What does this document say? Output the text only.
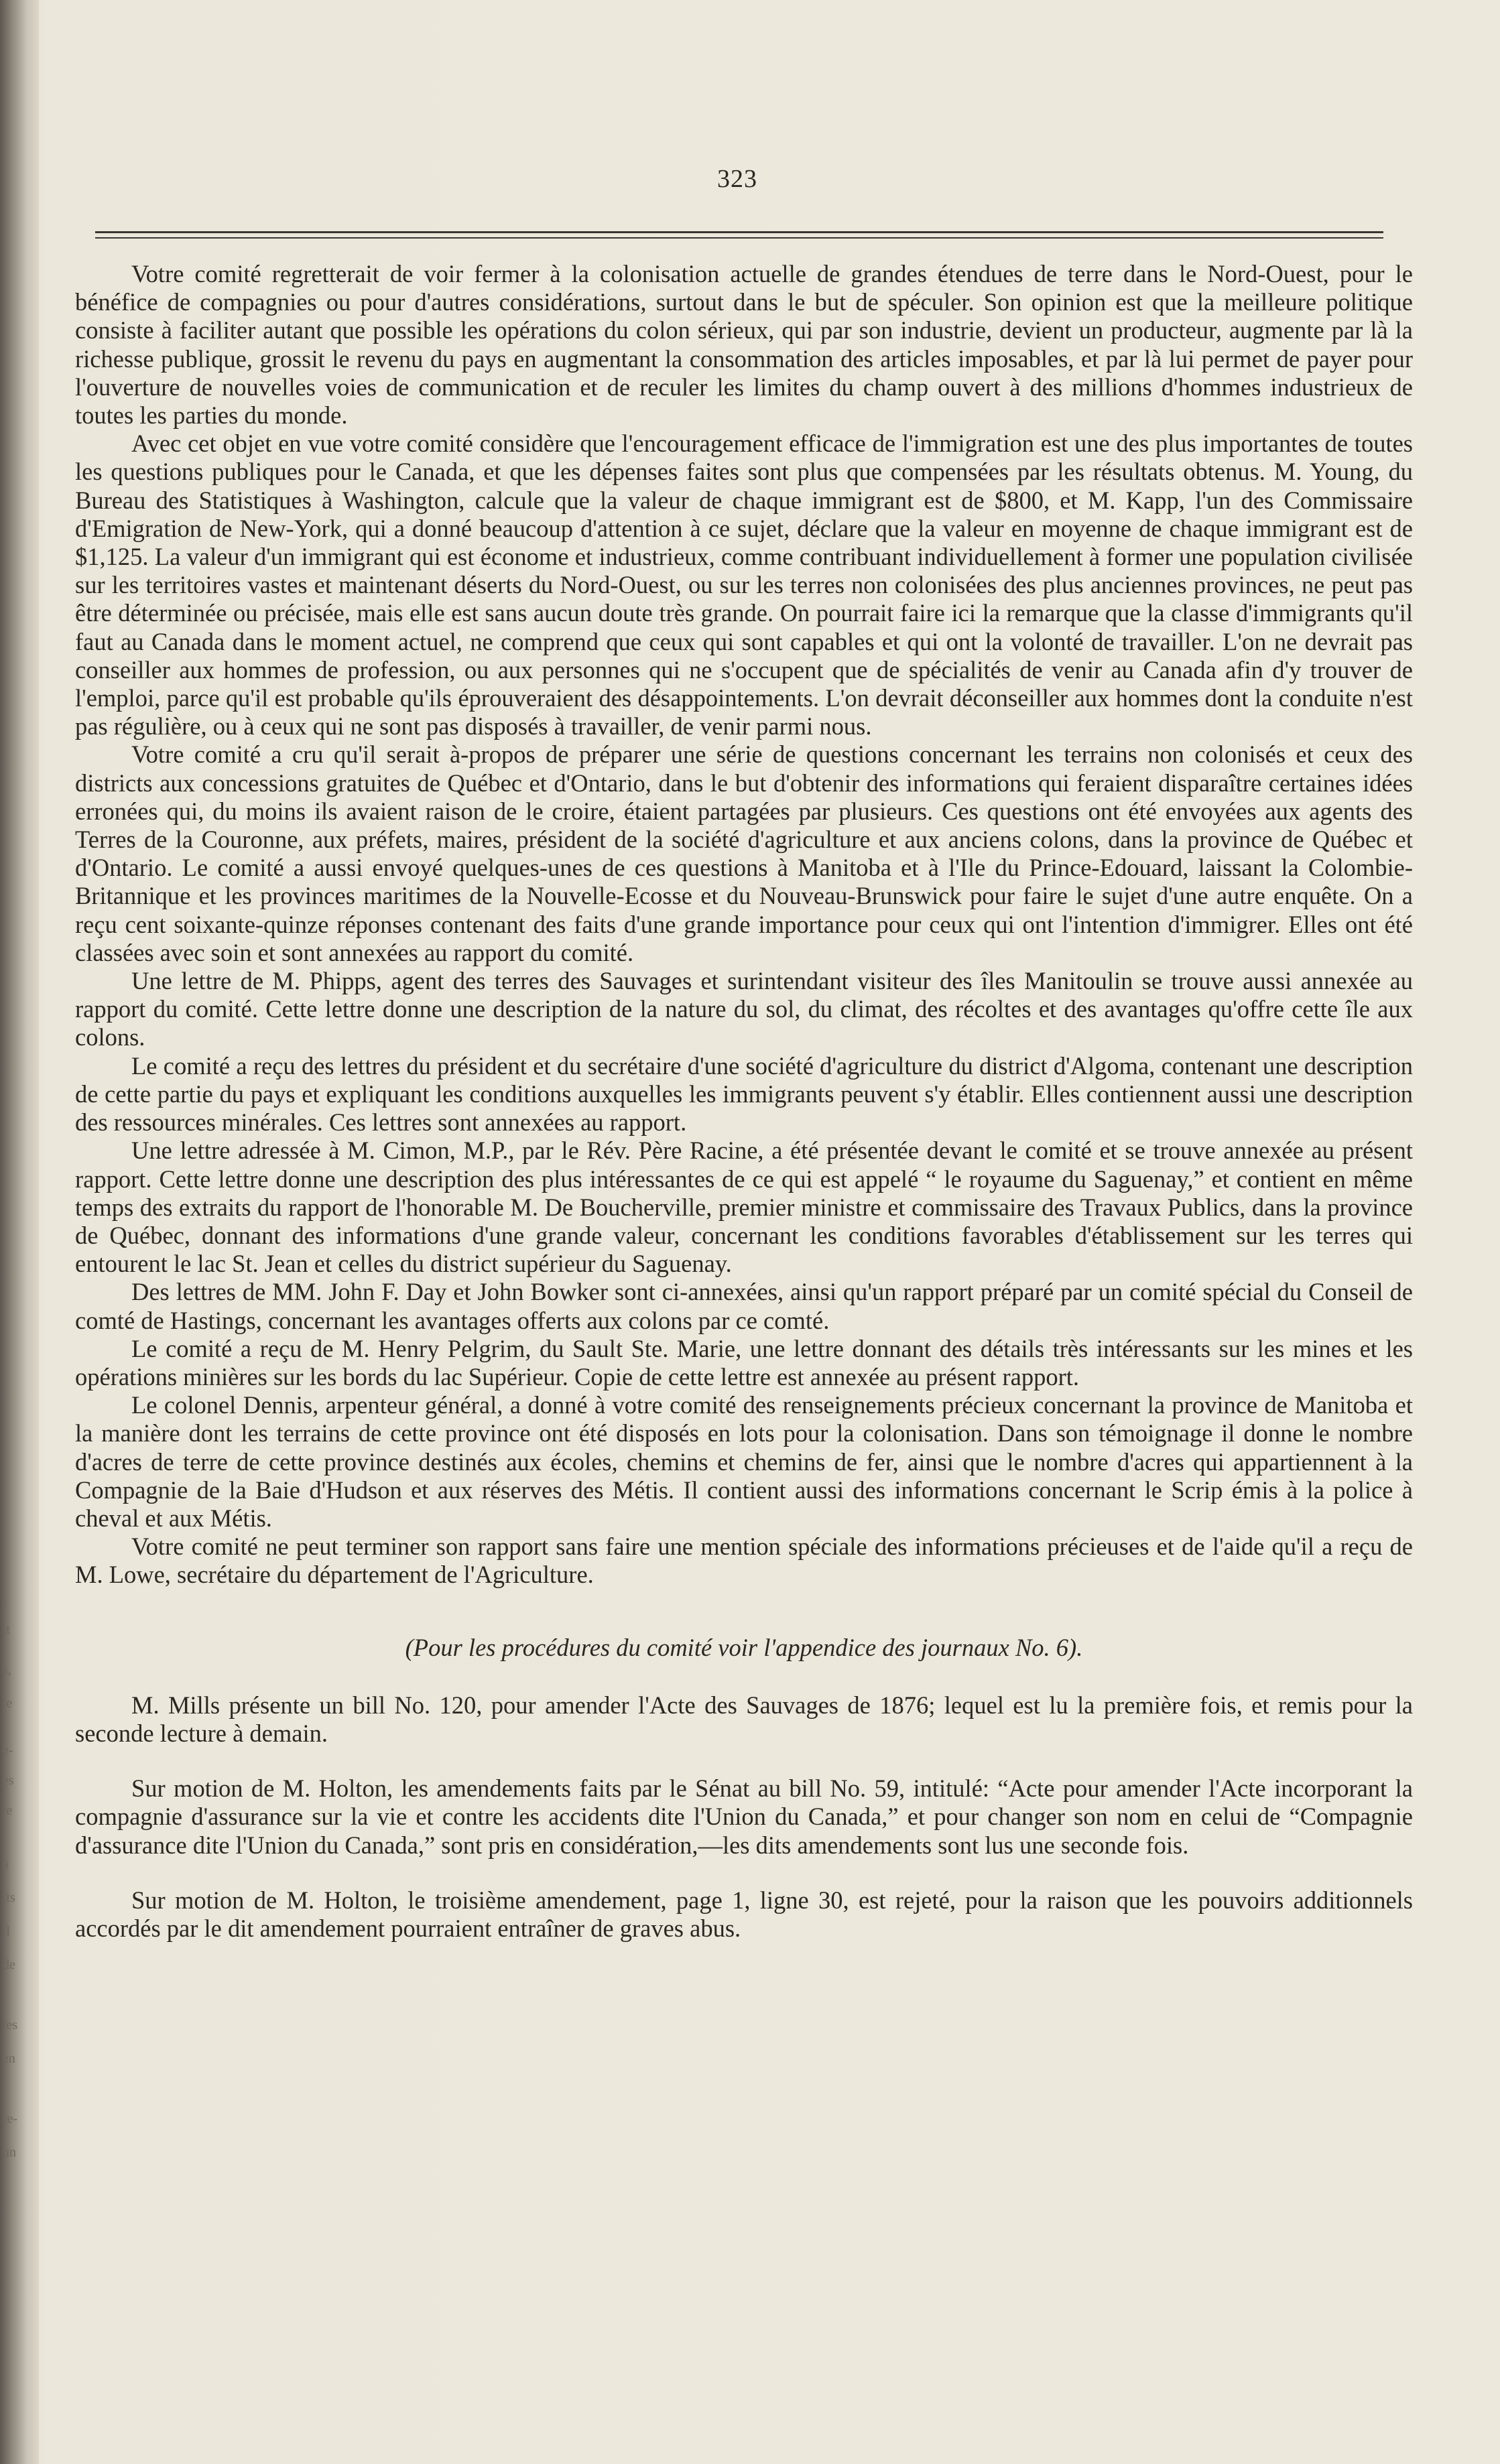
à
its
il
de
les
en
re-
un
s,
le
e-
es
le
t
ıt
323

Votre comité regretterait de voir fermer à la colonisation actuelle de grandes étendues de terre dans le Nord-Ouest, pour le bénéfice de compagnies ou pour d'autres considérations, surtout dans le but de spéculer. Son opinion est que la meilleure politique consiste à faciliter autant que possible les opérations du colon sérieux, qui par son industrie, devient un producteur, augmente par là la richesse publique, grossit le revenu du pays en augmentant la consommation des articles imposables, et par là lui permet de payer pour l'ouverture de nouvelles voies de communication et de reculer les limites du champ ouvert à des millions d'hommes industrieux de toutes les parties du monde.

Avec cet objet en vue votre comité considère que l'encouragement efficace de l'immigration est une des plus importantes de toutes les questions publiques pour le Canada, et que les dépenses faites sont plus que compensées par les résultats obtenus. M. Young, du Bureau des Statistiques à Washington, calcule que la valeur de chaque immigrant est de $800, et M. Kapp, l'un des Commissaire d'Emigration de New-York, qui a donné beaucoup d'attention à ce sujet, déclare que la valeur en moyenne de chaque immigrant est de $1,125. La valeur d'un immigrant qui est économe et industrieux, comme contribuant individuellement à former une population civilisée sur les territoires vastes et maintenant déserts du Nord-Ouest, ou sur les terres non colonisées des plus anciennes provinces, ne peut pas être déterminée ou précisée, mais elle est sans aucun doute très grande. On pourrait faire ici la remarque que la classe d'immigrants qu'il faut au Canada dans le moment actuel, ne comprend que ceux qui sont capables et qui ont la volonté de travailler. L'on ne devrait pas conseiller aux hommes de profession, ou aux personnes qui ne s'occupent que de spécialités de venir au Canada afin d'y trouver de l'emploi, parce qu'il est probable qu'ils éprouveraient des désappointements. L'on devrait déconseiller aux hommes dont la conduite n'est pas régulière, ou à ceux qui ne sont pas disposés à travailler, de venir parmi nous.

Votre comité a cru qu'il serait à-propos de préparer une série de questions concernant les terrains non colonisés et ceux des districts aux concessions gratuites de Québec et d'Ontario, dans le but d'obtenir des informations qui feraient disparaître certaines idées erronées qui, du moins ils avaient raison de le croire, étaient partagées par plusieurs. Ces questions ont été envoyées aux agents des Terres de la Couronne, aux préfets, maires, président de la société d'agriculture et aux anciens colons, dans la province de Québec et d'Ontario. Le comité a aussi envoyé quelques-unes de ces questions à Manitoba et à l'Ile du Prince-Edouard, laissant la Colombie-Britannique et les provinces maritimes de la Nouvelle-Ecosse et du Nouveau-Brunswick pour faire le sujet d'une autre enquête. On a reçu cent soixante-quinze réponses contenant des faits d'une grande importance pour ceux qui ont l'intention d'immigrer. Elles ont été classées avec soin et sont annexées au rapport du comité.

Une lettre de M. Phipps, agent des terres des Sauvages et surintendant visiteur des îles Manitoulin se trouve aussi annexée au rapport du comité. Cette lettre donne une description de la nature du sol, du climat, des récoltes et des avantages qu'offre cette île aux colons.

Le comité a reçu des lettres du président et du secrétaire d'une société d'agriculture du district d'Algoma, contenant une description de cette partie du pays et expliquant les conditions auxquelles les immigrants peuvent s'y établir. Elles contiennent aussi une description des ressources minérales. Ces lettres sont annexées au rapport.

Une lettre adressée à M. Cimon, M.P., par le Rév. Père Racine, a été présentée devant le comité et se trouve annexée au présent rapport. Cette lettre donne une description des plus intéressantes de ce qui est appelé “ le royaume du Saguenay,” et contient en même temps des extraits du rapport de l'honorable M. De Boucherville, premier ministre et commissaire des Travaux Publics, dans la province de Québec, donnant des informations d'une grande valeur, concernant les conditions favorables d'établissement sur les terres qui entourent le lac St. Jean et celles du district supérieur du Saguenay.

Des lettres de MM. John F. Day et John Bowker sont ci-annexées, ainsi qu'un rapport préparé par un comité spécial du Conseil de comté de Hastings, concernant les avantages offerts aux colons par ce comté.

Le comité a reçu de M. Henry Pelgrim, du Sault Ste. Marie, une lettre donnant des détails très intéressants sur les mines et les opérations minières sur les bords du lac Supérieur. Copie de cette lettre est annexée au présent rapport.

Le colonel Dennis, arpenteur général, a donné à votre comité des renseignements précieux concernant la province de Manitoba et la manière dont les terrains de cette province ont été disposés en lots pour la colonisation. Dans son témoignage il donne le nombre d'acres de terre de cette province destinés aux écoles, chemins et chemins de fer, ainsi que le nombre d'acres qui appartiennent à la Compagnie de la Baie d'Hudson et aux réserves des Métis. Il contient aussi des informations concernant le Scrip émis à la police à cheval et aux Métis.

Votre comité ne peut terminer son rapport sans faire une mention spéciale des informations précieuses et de l'aide qu'il a reçu de M. Lowe, secrétaire du département de l'Agriculture.

(Pour les procédures du comité voir l'appendice des journaux No. 6).

M. Mills présente un bill No. 120, pour amender l'Acte des Sauvages de 1876; lequel est lu la première fois, et remis pour la seconde lecture à demain.

Sur motion de M. Holton, les amendements faits par le Sénat au bill No. 59, intitulé: “Acte pour amender l'Acte incorporant la compagnie d'assurance sur la vie et contre les accidents dite l'Union du Canada,” et pour changer son nom en celui de “Compagnie d'assurance dite l'Union du Canada,” sont pris en considération,—les dits amendements sont lus une seconde fois.

Sur motion de M. Holton, le troisième amendement, page 1, ligne 30, est rejeté, pour la raison que les pouvoirs additionnels accordés par le dit amendement pourraient entraîner de graves abus.
